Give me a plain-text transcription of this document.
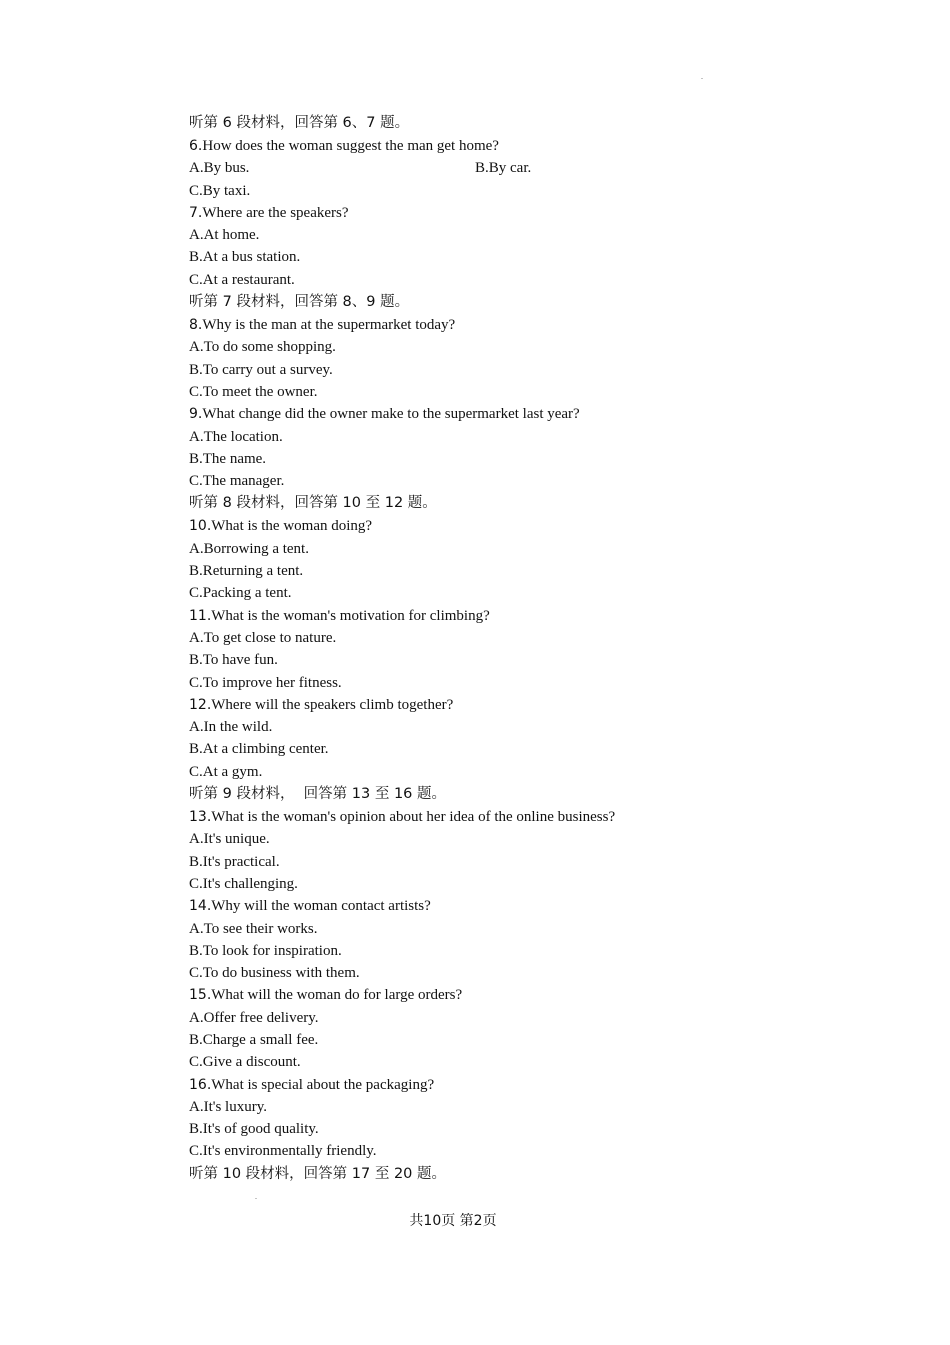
.
听第 6 段材料，回答第 6、7 题。
6.How does the woman suggest the man get home?
A.By bus.	B.By car.
C.By taxi.
7.Where are the speakers?
A.At home.
B.At a bus station.
C.At a restaurant.
听第 7 段材料，回答第 8、9 题。
8.Why is the man at the supermarket today?
A.To do some shopping.
B.To carry out a survey.
C.To meet the owner.
9.What change did the owner make to the supermarket last year?
A.The location.
B.The name.
C.The manager.
听第 8 段材料，回答第 10 至 12 题。
10.What is the woman doing?
A.Borrowing a tent.
B.Returning a tent.
C.Packing a tent.
11.What is the woman's motivation for climbing?
A.To get close to nature.
B.To have fun.
C.To improve her fitness.
12.Where will the speakers climb together?
A.In the wild.
B.At a climbing center.
C.At a gym.
听第 9 段材料，  回答第 13 至 16 题。
13.What is the woman's opinion about her idea of the online business?
A.It's unique.
B.It's practical.
C.It's challenging.
14.Why will the woman contact artists?
A.To see their works.
B.To look for inspiration.
C.To do business with them.
15.What will the woman do for large orders?
A.Offer free delivery.
B.Charge a small fee.
C.Give a discount.
16.What is special about the packaging?
A.It's luxury.
B.It's of good quality.
C.It's environmentally friendly.
听第 10 段材料，回答第 17 至 20 题。
.
共10页 第2页
